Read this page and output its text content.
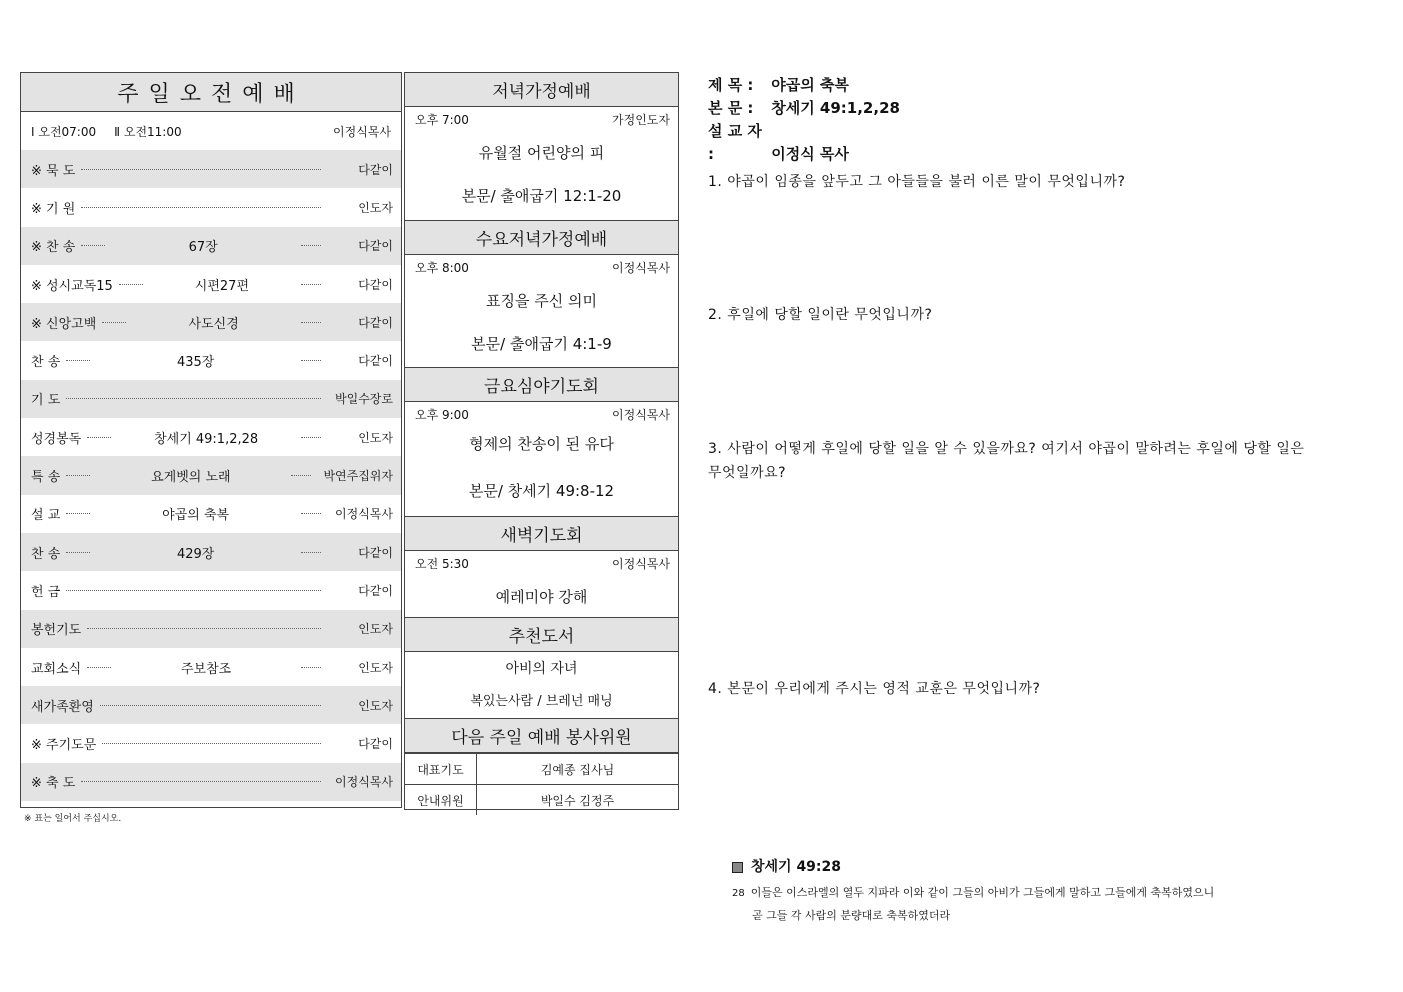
주일오전예배
Ⅰ 오전07:00 Ⅱ 오전11:00	이정식목사
※ 묵 도	다같이
※ 기 원	인도자
※ 찬 송	67장	다같이
※ 성시교독15	시편27편	다같이
※ 신앙고백	사도신경	다같이
찬 송	435장	다같이
기 도	박일수장로
성경봉독	창세기 49:1,2,28	인도자
특 송	요게벳의 노래	박연주집위자
설 교	야곱의 축복	이정식목사
찬 송	429장	다같이
헌 금	다같이
봉헌기도	인도자
교회소식	주보참조	인도자
새가족환영	인도자
※ 주기도문	다같이
※ 축 도	이정식목사
※ 표는 일어서 주십시오.
저녁가정예배
오후 7:00	가정인도자
유월절 어린양의 피
본문/ 출애굽기 12:1-20
수요저녁가정예배
오후 8:00	이정식목사
표징을 주신 의미
본문/ 출애굽기 4:1-9
금요심야기도회
오후 9:00	이정식목사
형제의 찬송이 된 유다
본문/ 창세기 49:8-12
새벽기도회
오전 5:30	이정식목사
예레미야 강해
추천도서
아비의 자녀
복있는사람 / 브레넌 매닝
다음 주일 예배 봉사위원
대표기도	김예종 집사님
안내위원	박일수 김정주
제 목 : 야곱의 축복
본 문 : 창세기 49:1,2,28
설 교 자 :	이정식 목사
1. 야곱이 임종을 앞두고 그 아들들을 불러 이른 말이 무엇입니까?
2. 후일에 당할 일이란 무엇입니까?
3. 사람이 어떻게 후일에 당할 일을 알 수 있을까요? 여기서 야곱이 말하려는 후일에 당할 일은 무엇일까요?
4. 본문이 우리에게 주시는 영적 교훈은 무엇입니까?
창세기 49:28
28 이들은 이스라엘의 열두 지파라 이와 같이 그들의 아비가 그들에게 말하고 그들에게 축복하였으니
곧 그들 각 사람의 분량대로 축복하였더라
